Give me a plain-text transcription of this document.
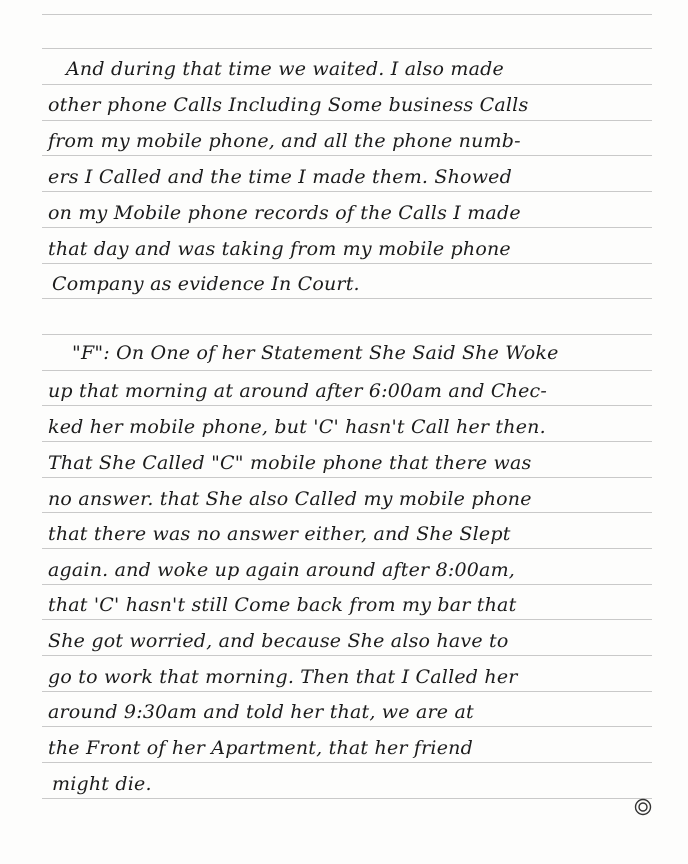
And during that time we waited. I also made
other phone Calls Including Some business Calls
from my mobile phone, and all the phone numb-
ers I Called and the time I made them. Showed
on my Mobile phone records of the Calls I made
that day and was taking from my mobile phone
Company as evidence In Court.
"F": On One of her Statement She Said She Woke
up that morning at around after 6:00am and Chec-
ked her mobile phone, but 'C' hasn't Call her then.
That She Called "C" mobile phone that there was
no answer. that She also Called my mobile phone
that there was no answer either, and She Slept
again. and woke up again around after 8:00am,
that 'C' hasn't still Come back from my bar that
She got worried, and because She also have to
go to work that morning. Then that I Called her
around 9:30am and told her that, we are at
the Front of her Apartment, that her friend
might die.
